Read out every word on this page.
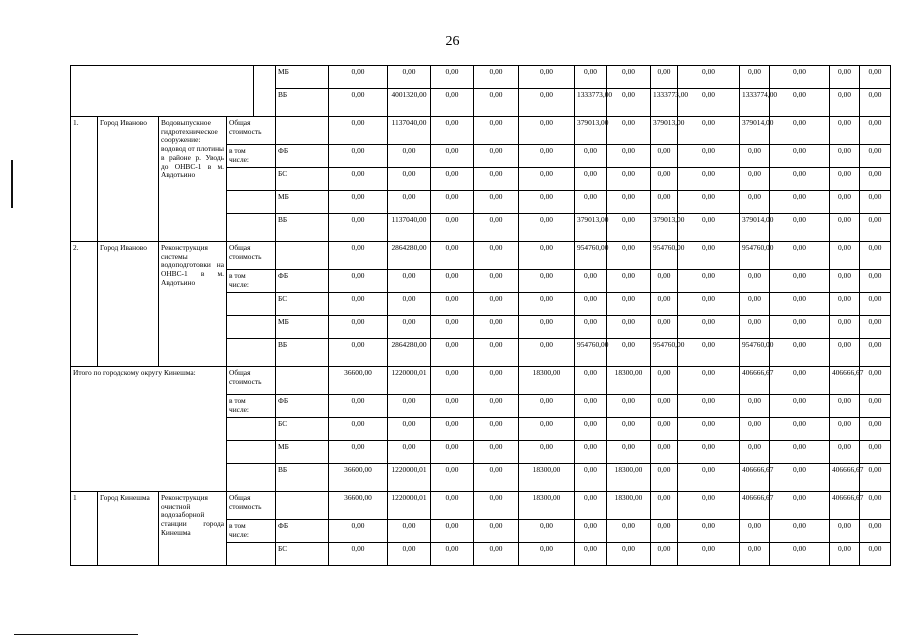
26
					МБ	0,00	0,00	0,00	0,00	0,00	0,00	0,00	0,00	0,00	0,00	0,00	0,00	0,00	
					ВБ	0,00	4001320,00	0,00	0,00	0,00	1333773,00	0,00	1333773,00	0,00	1333774,00	0,00	0,00	0,00	
1.	Город Иваново	Водовыпускное гидротехническое сооружение: водовод от плотины в районе р. Уводь до ОНВС-1 в м. Авдотьино	Общая стоимость			0,00	1137040,00	0,00	0,00	0,00	379013,00	0,00	379013,00	0,00	379014,00	0,00	0,00	0,00	
			в том числе:		ФБ	0,00	0,00	0,00	0,00	0,00	0,00	0,00	0,00	0,00	0,00	0,00	0,00	0,00	
					БС	0,00	0,00	0,00	0,00	0,00	0,00	0,00	0,00	0,00	0,00	0,00	0,00	0,00	
					МБ	0,00	0,00	0,00	0,00	0,00	0,00	0,00	0,00	0,00	0,00	0,00	0,00	0,00	
					ВБ	0,00	1137040,00	0,00	0,00	0,00	379013,00	0,00	379013,00	0,00	379014,00	0,00	0,00	0,00	
2.	Город Иваново	Реконструкция системы водоподготовки на ОНВС-1 в м. Авдотьино	Общая стоимость			0,00	2864280,00	0,00	0,00	0,00	954760,00	0,00	954760,00	0,00	954760,00	0,00	0,00	0,00	
			в том числе:		ФБ	0,00	0,00	0,00	0,00	0,00	0,00	0,00	0,00	0,00	0,00	0,00	0,00	0,00	
					БС	0,00	0,00	0,00	0,00	0,00	0,00	0,00	0,00	0,00	0,00	0,00	0,00	0,00	
					МБ	0,00	0,00	0,00	0,00	0,00	0,00	0,00	0,00	0,00	0,00	0,00	0,00	0,00	
					ВБ	0,00	2864280,00	0,00	0,00	0,00	954760,00	0,00	954760,00	0,00	954760,00	0,00	0,00	0,00	
Итого по городскому округу Кинешма:			Общая стоимость			36600,00	1220000,01	0,00	0,00	18300,00	0,00	18300,00	0,00	0,00	406666,67	0,00	406666,67	0,00	
			в том числе:		ФБ	0,00	0,00	0,00	0,00	0,00	0,00	0,00	0,00	0,00	0,00	0,00	0,00	0,00	
					БС	0,00	0,00	0,00	0,00	0,00	0,00	0,00	0,00	0,00	0,00	0,00	0,00	0,00	
					МБ	0,00	0,00	0,00	0,00	0,00	0,00	0,00	0,00	0,00	0,00	0,00	0,00	0,00	
					ВБ	36600,00	1220000,01	0,00	0,00	18300,00	0,00	18300,00	0,00	0,00	406666,67	0,00	406666,67	0,00	
1	Город Кинешма	Реконструкция очистной водозаборной станции города Кинешма	Общая стоимость			36600,00	1220000,01	0,00	0,00	18300,00	0,00	18300,00	0,00	0,00	406666,67	0,00	406666,67	0,00	
			в том числе:		ФБ	0,00	0,00	0,00	0,00	0,00	0,00	0,00	0,00	0,00	0,00	0,00	0,00	0,00	
					БС	0,00	0,00	0,00	0,00	0,00	0,00	0,00	0,00	0,00	0,00	0,00	0,00	0,00	
